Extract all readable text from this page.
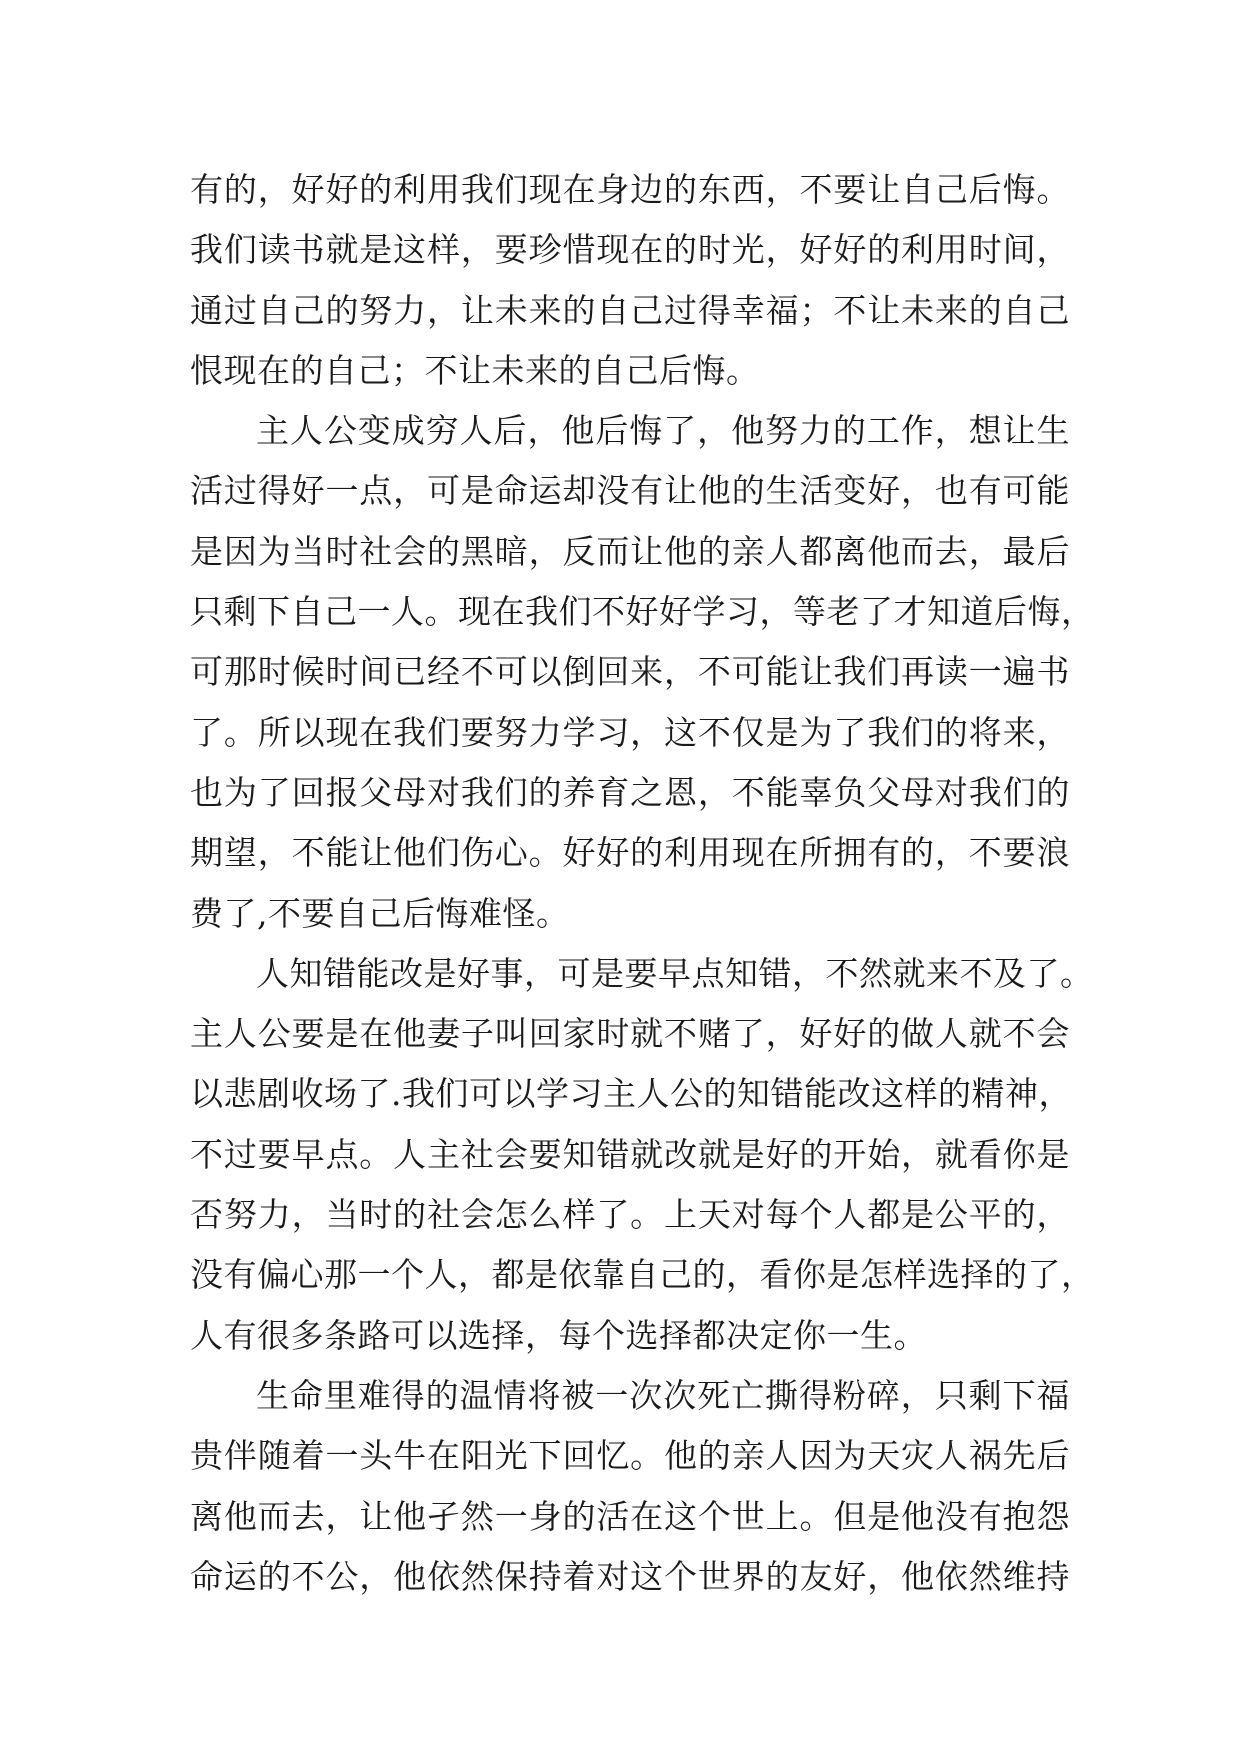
有的，好好的利用我们现在身边的东西，不要让自己后悔。
我们读书就是这样，要珍惜现在的时光，好好的利用时间，
通过自己的努力，让未来的自己过得幸福；不让未来的自己
恨现在的自己；不让未来的自己后悔。
主人公变成穷人后，他后悔了，他努力的工作，想让生
活过得好一点，可是命运却没有让他的生活变好，也有可能
是因为当时社会的黑暗，反而让他的亲人都离他而去，最后
只剩下自己一人。现在我们不好好学习，等老了才知道后悔，
可那时候时间已经不可以倒回来，不可能让我们再读一遍书
了。所以现在我们要努力学习，这不仅是为了我们的将来，
也为了回报父母对我们的养育之恩，不能辜负父母对我们的
期望，不能让他们伤心。好好的利用现在所拥有的，不要浪
费了,不要自己后悔难怪。
人知错能改是好事，可是要早点知错，不然就来不及了。
主人公要是在他妻子叫回家时就不赌了，好好的做人就不会
以悲剧收场了.我们可以学习主人公的知错能改这样的精神，
不过要早点。人主社会要知错就改就是好的开始，就看你是
否努力，当时的社会怎么样了。上天对每个人都是公平的，
没有偏心那一个人，都是依靠自己的，看你是怎样选择的了，
人有很多条路可以选择，每个选择都决定你一生。
生命里难得的温情将被一次次死亡撕得粉碎，只剩下福
贵伴随着一头牛在阳光下回忆。他的亲人因为天灾人祸先后
离他而去，让他孑然一身的活在这个世上。但是他没有抱怨
命运的不公，他依然保持着对这个世界的友好，他依然维持
